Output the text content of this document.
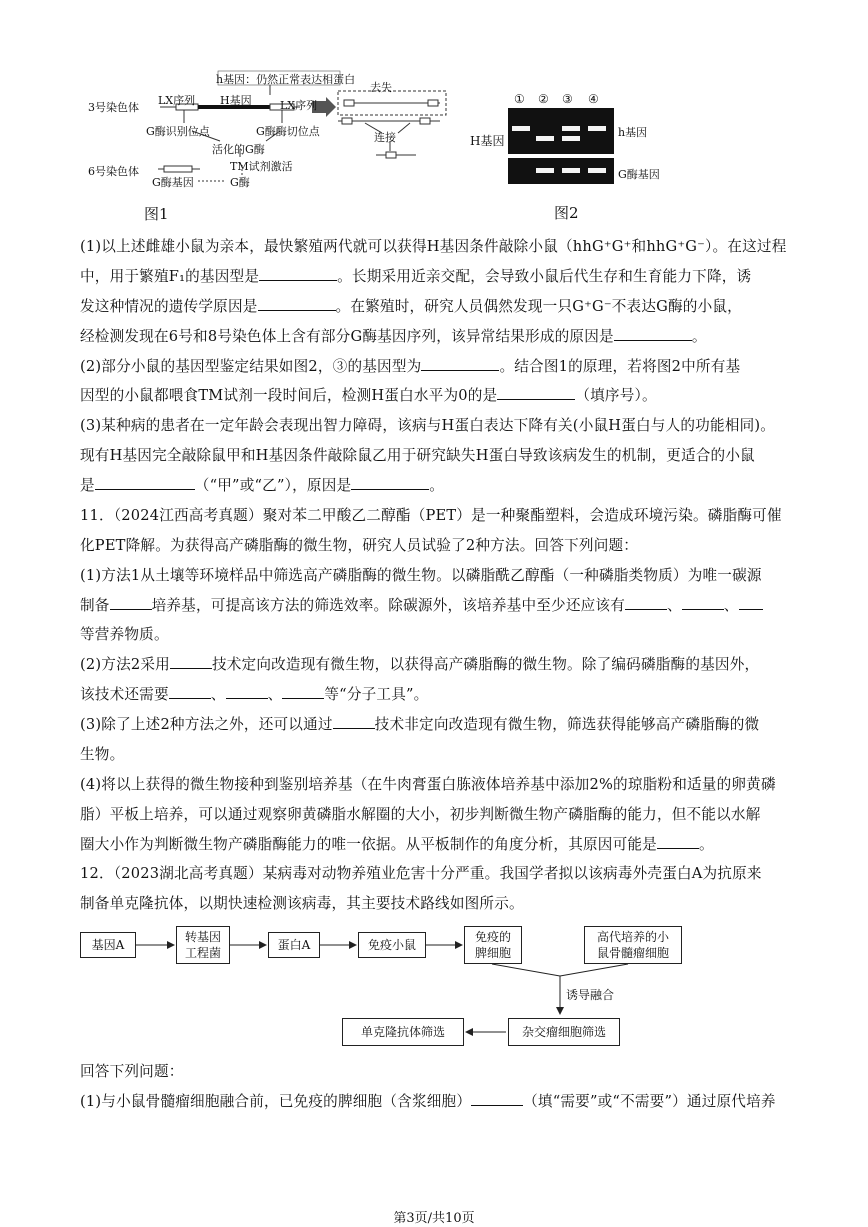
h基因：仍然正常表达相蛋白
去失
3号染色体
LX序列 H基因	LX序列
G酶识别位点	G酶酶切位点
活化的G酶
TM试剂激活
连接
6号染色体
G酶基因	G酶
图1
① ② ③ ④
H基因
h基因
G酶基因
图2
(1)以上述雌雄小鼠为亲本，最快繁殖两代就可以获得H基因条件敲除小鼠（hhG⁺G⁺和hhG⁺G⁻）。在这过程
中，用于繁殖F₁的基因型是	。长期采用近亲交配，会导致小鼠后代生存和生育能力下降，诱
发这种情况的遗传学原因是	。在繁殖时，研究人员偶然发现一只G⁺G⁻不表达G酶的小鼠，
经检测发现在6号和8号染色体上含有部分G酶基因序列，该异常结果形成的原因是	。
(2)部分小鼠的基因型鉴定结果如图2，③的基因型为	。结合图1的原理，若将图2中所有基
因型的小鼠都喂食TM试剂一段时间后，检测H蛋白水平为0的是	（填序号）。
(3)某种病的患者在一定年龄会表现出智力障碍，该病与H蛋白表达下降有关(小鼠H蛋白与人的功能相同)。
现有H基因完全敲除鼠甲和H基因条件敲除鼠乙用于研究缺失H蛋白导致该病发生的机制，更适合的小鼠
是	（“甲”或“乙”），原因是	。
11．（2024江西高考真题）聚对苯二甲酸乙二醇酯（PET）是一种聚酯塑料，会造成环境污染。磷脂酶可催
化PET降解。为获得高产磷脂酶的微生物，研究人员试验了2种方法。回答下列问题：
(1)方法1从土壤等环境样品中筛选高产磷脂酶的微生物。以磷脂酰乙醇酯（一种磷脂类物质）为唯一碳源
制备	培养基，可提高该方法的筛选效率。除碳源外，该培养基中至少还应该有	、	、
等营养物质。
(2)方法2采用	技术定向改造现有微生物，以获得高产磷脂酶的微生物。除了编码磷脂酶的基因外，
该技术还需要	、	、	等“分子工具”。
(3)除了上述2种方法之外，还可以通过	技术非定向改造现有微生物，筛选获得能够高产磷脂酶的微
生物。
(4)将以上获得的微生物接种到鉴别培养基（在牛肉膏蛋白胨液体培养基中添加2%的琼脂粉和适量的卵黄磷
脂）平板上培养，可以通过观察卵黄磷脂水解圈的大小，初步判断微生物产磷脂酶的能力，但不能以水解
圈大小作为判断微生物产磷脂酶能力的唯一依据。从平板制作的角度分析，其原因可能是	。
12．（2023湖北高考真题）某病毒对动物养殖业危害十分严重。我国学者拟以该病毒外壳蛋白A为抗原来
制备单克隆抗体，以期快速检测该病毒，其主要技术路线如图所示。
基因A
转基因
工程菌
蛋白A	免疫小鼠
免疫的
脾细胞
高代培养的小
鼠骨髓瘤细胞
诱导融合
杂交瘤细胞筛选
单克隆抗体筛选
回答下列问题：
(1)与小鼠骨髓瘤细胞融合前，已免疫的脾细胞（含浆细胞）	（填“需要”或“不需要”）通过原代培养
第3页/共10页
